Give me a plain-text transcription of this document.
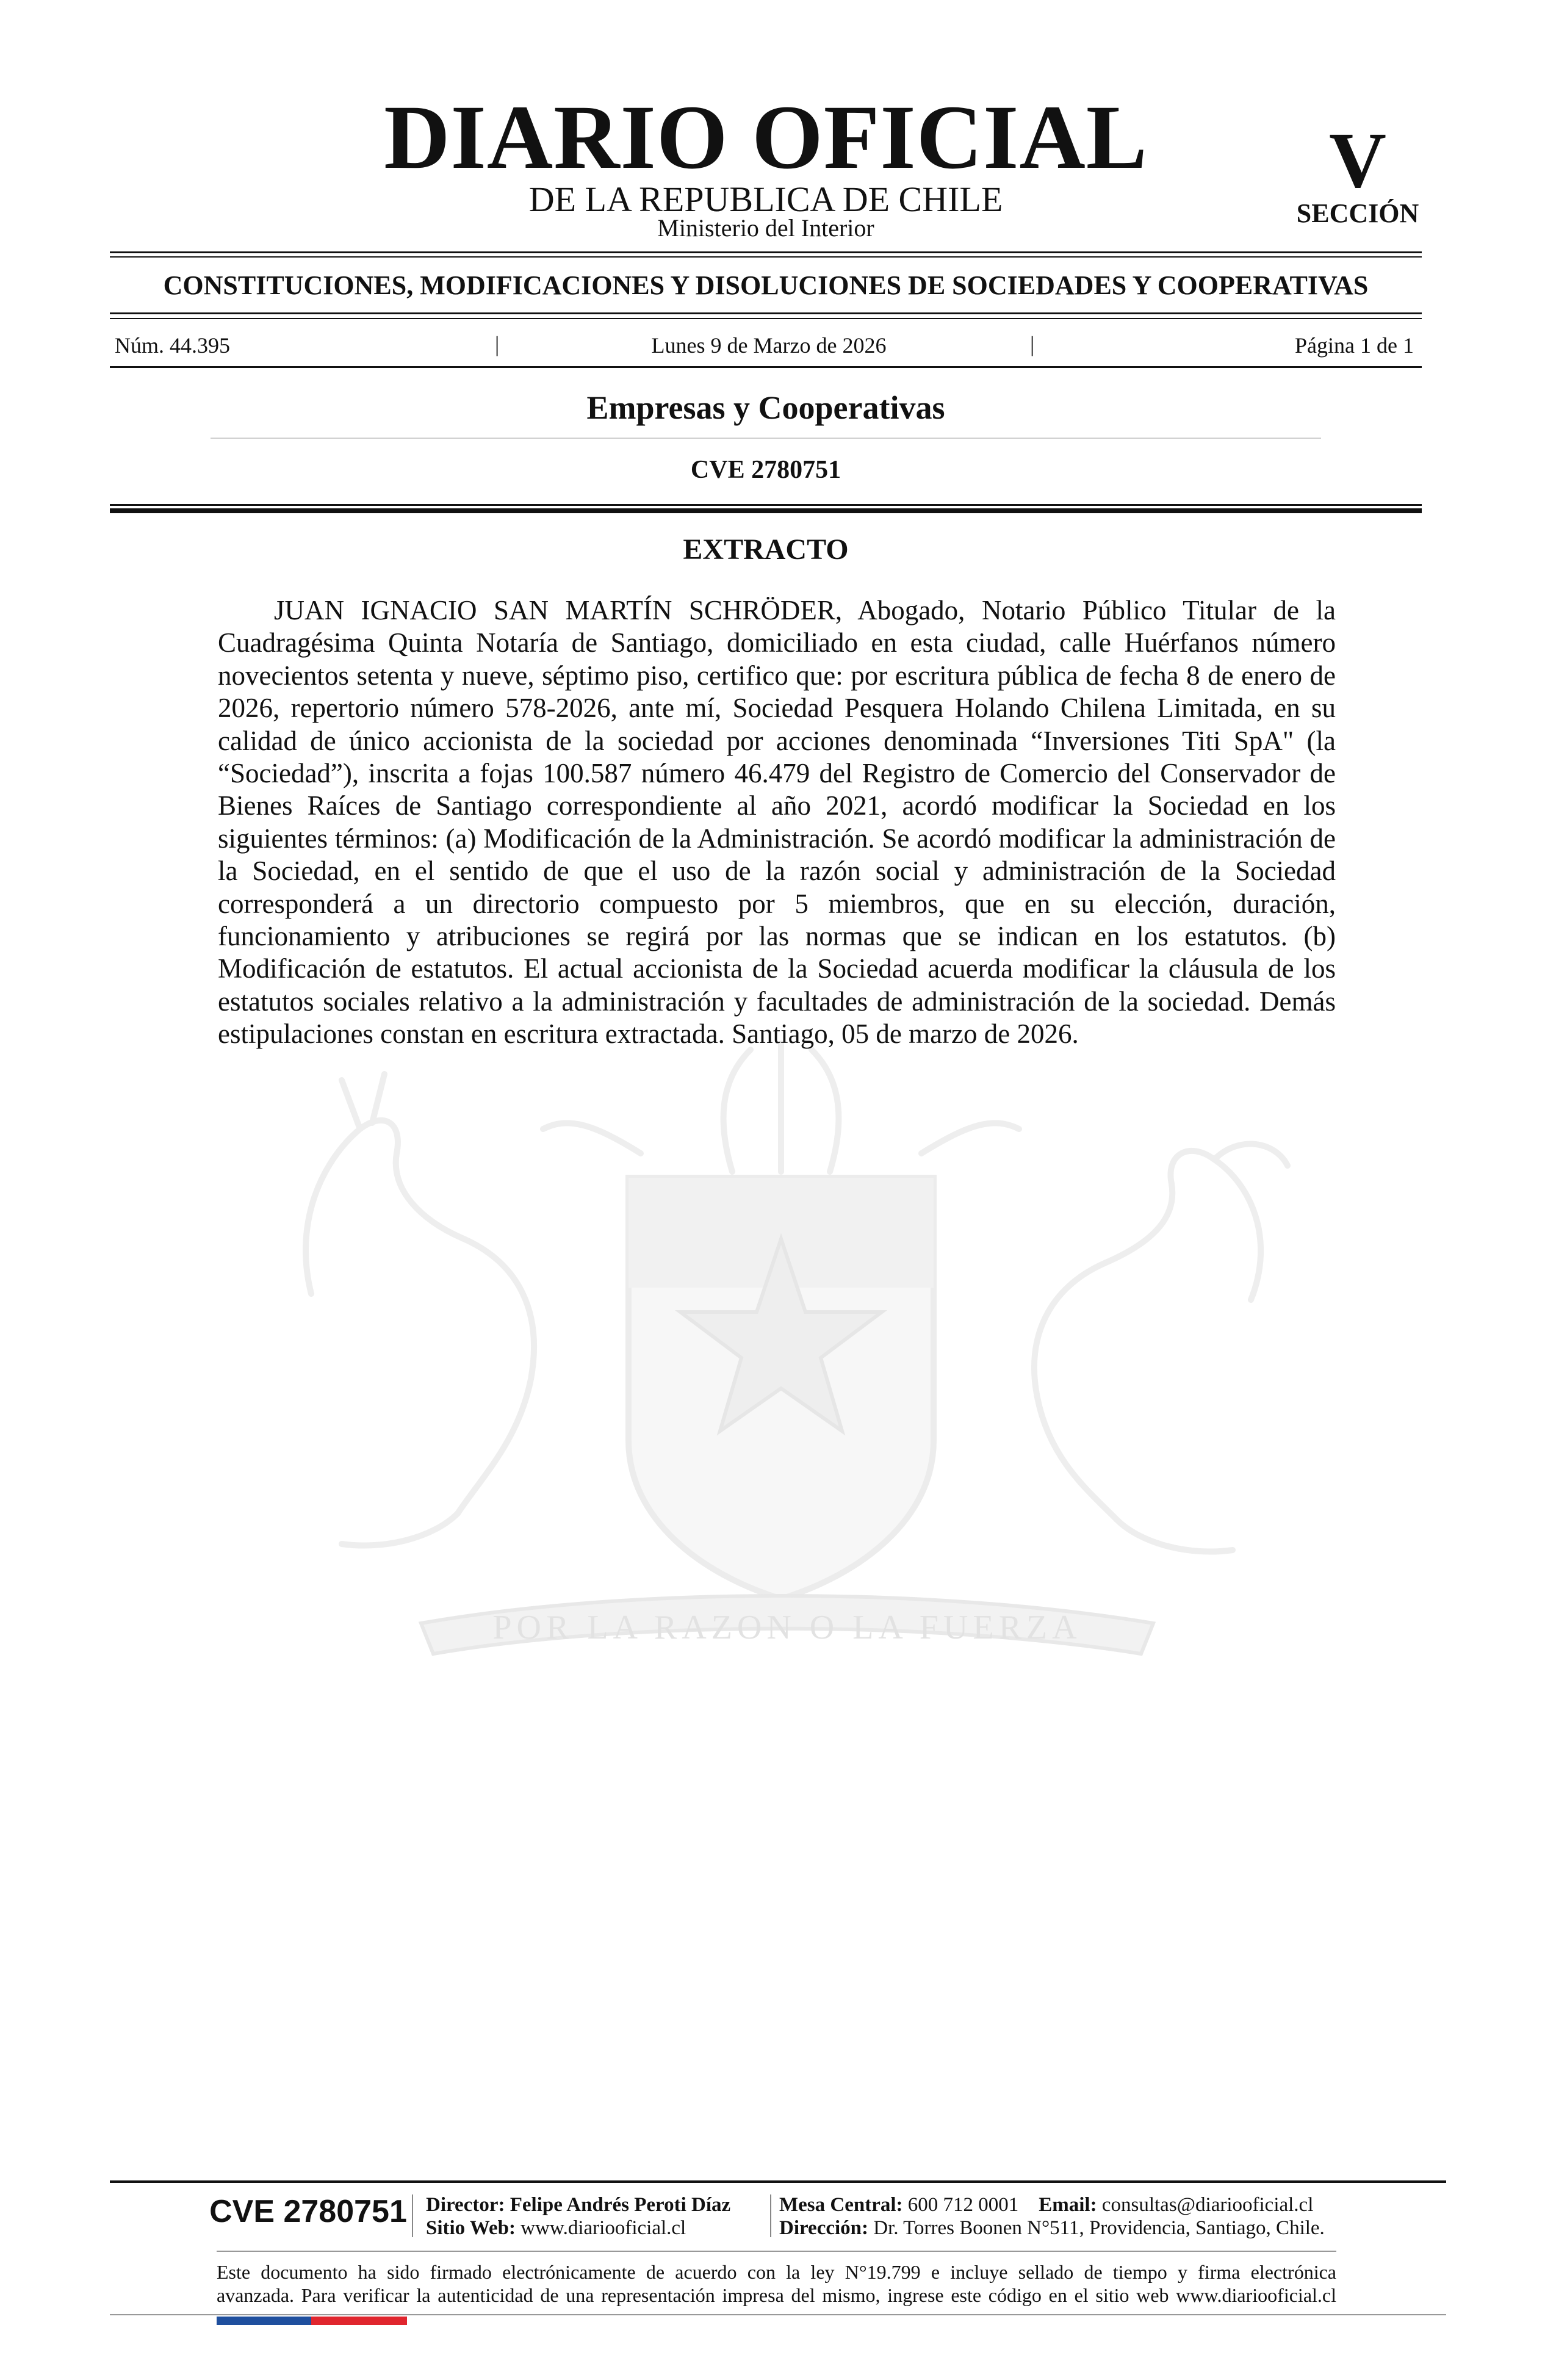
DIARIO OFICIAL
DE LA REPUBLICA DE CHILE
Ministerio del Interior
V
SECCIÓN
CONSTITUCIONES, MODIFICACIONES Y DISOLUCIONES DE SOCIEDADES Y COOPERATIVAS
Núm. 44.395	|	Lunes 9 de Marzo de 2026	|	Página 1 de 1
Empresas y Cooperativas
CVE 2780751
POR LA RAZON O LA FUERZA
EXTRACTO

JUAN IGNACIO SAN MARTÍN SCHRÖDER, Abogado, Notario Público Titular de la Cuadragésima Quinta Notaría de Santiago, domiciliado en esta ciudad, calle Huérfanos número novecientos setenta y nueve, séptimo piso, certifico que: por escritura pública de fecha 8 de enero de 2026, repertorio número 578-2026, ante mí, Sociedad Pesquera Holando Chilena Limitada, en su calidad de único accionista de la sociedad por acciones denominada “Inversiones Titi SpA" (la “Sociedad”), inscrita a fojas 100.587 número 46.479 del Registro de Comercio del Conservador de Bienes Raíces de Santiago correspondiente al año 2021, acordó modificar la Sociedad en los siguientes términos: (a) Modificación de la Administración. Se acordó modificar la administración de la Sociedad, en el sentido de que el uso de la razón social y administración de la Sociedad corresponderá a un directorio compuesto por 5 miembros, que en su elección, duración, funcionamiento y atribuciones se regirá por las normas que se indican en los estatutos. (b) Modificación de estatutos. El actual accionista de la Sociedad acuerda modificar la cláusula de los estatutos sociales relativo a la administración y facultades de administración de la sociedad. Demás estipulaciones constan en escritura extractada. Santiago, 05 de marzo de 2026.

CVE 2780751 Director: Felipe Andrés Peroti Díaz
Sitio Web: www.diariooficial.cl
Mesa Central: 600 712 0001 Email: consultas@diariooficial.cl
Dirección: Dr. Torres Boonen N°511, Providencia, Santiago, Chile.
Este documento ha sido firmado electrónicamente de acuerdo con la ley N°19.799 e incluye sellado de tiempo y firma electrónica
avanzada. Para verificar la autenticidad de una representación impresa del mismo, ingrese este código en el sitio web www.diariooficial.cl
